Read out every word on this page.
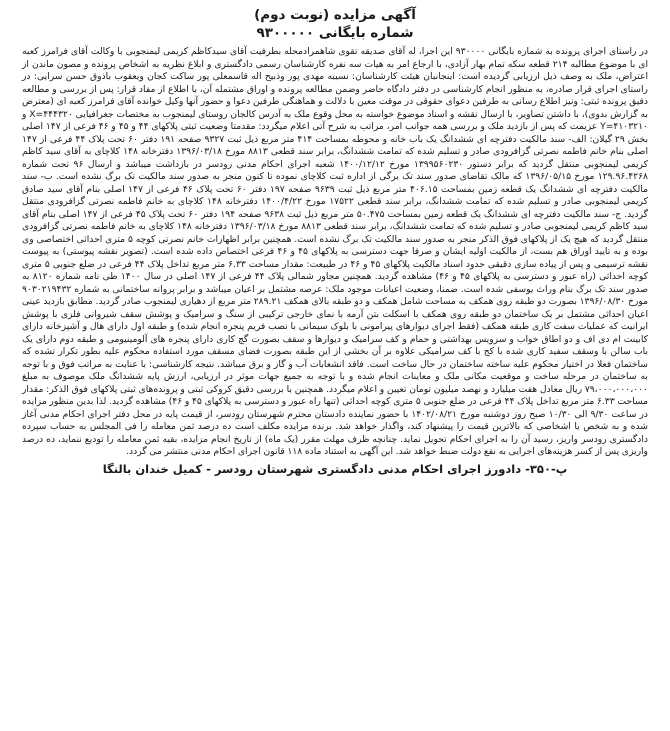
آگهی مزایده (نوبت دوم)
شماره بایگانی ۹۳۰۰۰۰۰

در راستای اجرای پرونده به شماره بایگانی ۹۳۰۰۰۰ این اجرا، له آقای صدیقه تقوی شاهمرادمحله بطرفیت آقای سیدکاظم کریمی لیمنجوبی با وکالت آقای فرامرز کعبه ای با موضوع مطالبه ۲۱۴ قطعه سکه تمام بهار آزادی، با ارجاع امر به هیات سه نفره کارشناسان رسمی دادگستری و ابلاغ نظریه به اشخاص پرونده و مصون ماندن از اعتراض، ملک به وصف ذیل ارزیابی گردیده است: اینجانبان هیئت کارشناسان: نسیبه مهدی پور وذبیح اله قاسمعلی پور ساکت کجان ویعقوب باذوق حسن سرایی: در راستای اجرای قرار صادره، به منظور انجام کارشناسی در دفتر دادگاه حاضر وضمن مطالعه پرونده و اوراق مشتمله آن، با اطلاع از مفاد قرار: پس از بررسی و مطالعه دقیق پرونده ثبتی: ونیز اطلاع رسانی به طرفین دعوای حقوقی در موقت معین با دلالت و هماهنگی طرفین دعوا و حضور آنها وکیل خوانده آقای فرامرز کعبه ای (معترض به گزارش بدوی)، با داشتن تصاویر، با ارسال نقشه و اسناد موضوع خواسته به محل وقوع ملک به آدرس کالجان روستای لیمنجوب به مختصات جغرافیایی X=۴۴۴۳۲۰ و Y=۴۱۰۳۲۱۰ عزیمت که پس از بازدید ملک و بررسی همه جوانب امر، مراتب به شرح آتی اعلام میگردد: مقدمتا وضعیت ثبتی پلاکهای ۴۴ و ۴۵ و ۴۶ فرعی از ۱۴۷ اصلی بخش ۲۹ گیلان: الف- سند مالکیت دفترچه ای ششدانگ یک باب خانه و محوطه بمساحت ۴۱۴ متر مربع ذیل ثبت ۹۳۲۷ صفحه ۱۹۱ دفتر ۶۰ تحت پلاک ۴۴ فرعی از ۱۴۷ اصلی بنام خانم فاطمه نصرتی گزافرودی صادر و تسلیم شده که تمامت ششدانگ، برابر سند قطعی ۸۸۱۳ مورخ ۱۳۹۶/۰۳/۱۸ دفترخانه ۱۴۸ کلاچای به آقای سید کاظم کریمی لیمنجوبی منتقل گردید که برابر دستور ۱۳۹۹۵۶۰۲۳۰ مورخ ۱۴۰۰/۱۲/۱۲ شعبه اجرای احکام مدنی رودسر در بازداشت میباشد و ارسال ۹۶ تحت شماره ۱۲۹.۹۶.۴۲۶۸ مورخ ۱۳۹۶/۰۵/۱۵ که مالک تقاضای صدور سند تک برگی از اداره ثبت کلاچای نموده تا کنون منجر به صدور سند مالکیت تک برگ نشده است. ب- سند مالکیت دفترچه ای ششدانگ یک قطعه زمین بمساحت ۴۰۶.۱۵ متر مربع ذیل ثبت ۹۶۳۹ صفحه ۱۹۷ دفتر ۶۰ تحت پلاک ۴۶ فرعی از ۱۴۷ اصلی بنام آقای سید صادق کریمی لیمنجوبی صادر و تسلیم شده که تمامت ششدانگ، برابر سند قطعی ۱۷۵۲۲ مورخ ۱۴۰۰/۴/۲۲ دفترخانه ۱۴۸ کلاچای به خانم فاطمه نصرتی گزافرودی منتقل گردید. ج- سند مالکیت دفترچه ای ششدانگ یک قطعه زمین بمساحت ۵۰.۴۷۵ متر مربع ذیل ثبت ۹۶۳۸ صفحه ۱۹۴ دفتر ۶۰ تحت پلاک ۴۵ فرعی از ۱۴۷ اصلی بنام آقای سید کاظم کریمی لیمنجوبی صادر و تسلیم شده که تمامت ششدانگ، برابر سند قطعی ۸۸۱۳ مورخ ۱۳۹۶/۰۳/۱۸ دفترخانه ۱۴۸ کلاچای به خانم فاطمه نصرتی گزافرودی منتقل گردید که هیچ یک از پلاکهای فوق الذکر منجر به صدور سند مالکیت تک برگ نشده است. همچنین برابر اظهارات خانم نصرتی کوچه ۵ متری احداثی اختصاصی وی بوده و به تایید اوراق هم بست، از مالکیت اولیه ایشان و صرفا جهت دسترسی به پلاکهای ۴۵ و ۴۶ فرعی اختصاص داده شده است. (تصویر نقشه پیوستی) به پیوست نقشه ترسیمی و پس از پیاده سازی دقیقی حدود اسناد مالکیت پلاکهای ۴۵ و ۴۶ در طبیعت: مقدار مساحت ۶.۳۳ متر مربع تداخل پلاک ۴۴ فرعی در ضلع جنوبی ۵ متری کوچه احداثی (راه عبور و دسترسی به پلاکهای ۴۵ و ۴۶) مشاهده گردید. همچنین مجاور شمالی پلاک ۴۴ فرعی از ۱۴۷ اصلی در سال ۱۴۰۰ طی نامه شماره ۸۱۲۰ به صدور سند تک برگ بنام وراث یوسفی شده است. ضمنا، وضعیت اعیانات موجود ملک: عرصه مشتمل بر اعیان میباشد و برابر پروانه ساختمانی به شماره ۹۰۳۰۲۱۹۴۳۲ مورخ ۱۳۹۶/۰۸/۳۰ بصورت دو طبقه روی همکف به مساحت شامل همکف و دو طبقه بالای همکف ۲۸۹.۲۱ متر مربع از دهیاری لیمنجوب صادر گردید. مطابق بازدید عینی اعیان احداثی مشتمل بر یک ساختمان دو طبقه روی همکف با اسکلت بتن آرمه با نمای خارجی ترکیبی از سنگ و سرامیک و پوشش سقف شیروانی فلزی با پوشش ایرانیت که عملیات سفت کاری طبقه همکف (فقط اجرای دیوارهای پیرامونی با بلوک سیمانی با نصب فریم پنجره انجام شده) و طبقه اول دارای هال و آشپزخانه دارای کابینت ام دی اف و دو اطاق خواب و سرویس بهداشتی و حمام و کف سرامیک و دیوارها و سقف بصورت گچ کاری دارای پنجره های آلومینیومی و طبقه دوم دارای یک باب سالن با وسقف سفید کاری شده با کج با کف سرامیکی علاوه بر آن بخشی از این طبقه بصورت فضای مسقف مورد استفاده محکوم علیه بطور تکرار تشده که ساختمان فعلا در اختیار محکوم علیه ساخته ساختمان در حال ساخت است. فاقد انشعابات آب و گاز و برق میباشد. نتیجه کارشناسی: با عنایت به مراتب فوق و با توجه به ساختمان در مرحله ساخت و موقعیت مکانی ملک و معاینات انجام شده و با توجه به جمیع جهات موثر در ارزیابی، ارزش پایه ششدانگ ملک موصوف به مبلغ ۷۹،۰۰۰،۰۰۰،۰۰۰ ریال معادل هفت میلیارد و نهصد میلیون تومان تعیین و اعلام میگردد. همچنین با بررسی دقیق کروکی ثبتی و پرونده‌های ثبتی پلاکهای فوق الذکر: مقدار مساحت ۶.۳۳ متر مربع تداخل پلاک ۴۴ فرعی در ضلع جنوبی ۵ متری کوچه احداثی (تنها راه عبور و دسترسی به پلاکهای ۴۵ و ۴۶) مشاهده گردید. لذا بدین منظور مزایده در ساعت ۹/۳۰ الی ۱۰/۳۰ صبح روز دوشنبه مورخ ۱۴۰۲/۰۸/۲۱ با حضور نماینده دادستان محترم شهرستان رودسر، از قیمت پایه در محل دفتر اجرای احکام مدنی آغاز شده و به شخص یا اشخاصی که بالاترین قیمت را پیشنهاد کند، واگذار خواهد شد. برنده مزایده مکلف است ده درصد ثمن معامله را فی المجلس به حساب سپرده دادگستری رودسر واریز، رسید آن را به اجرای احکام تحویل نماید. چنانچه ظرف مهلت مقرر (یک ماه) از تاریخ انجام مزایده، بقیه ثمن معامله را تودیع ننماید، ده درصد واریزی پس از کسر هزینه‌های اجرایی به نفع دولت ضبط خواهد شد. این آگهی به استناد ماده ۱۱۸ قانون اجرای احکام مدنی منتشر می گردد.

پ-۳۵۰- دادورز اجرای احکام مدنی دادگستری شهرستان رودسر - کمیل خندان بالنگا
